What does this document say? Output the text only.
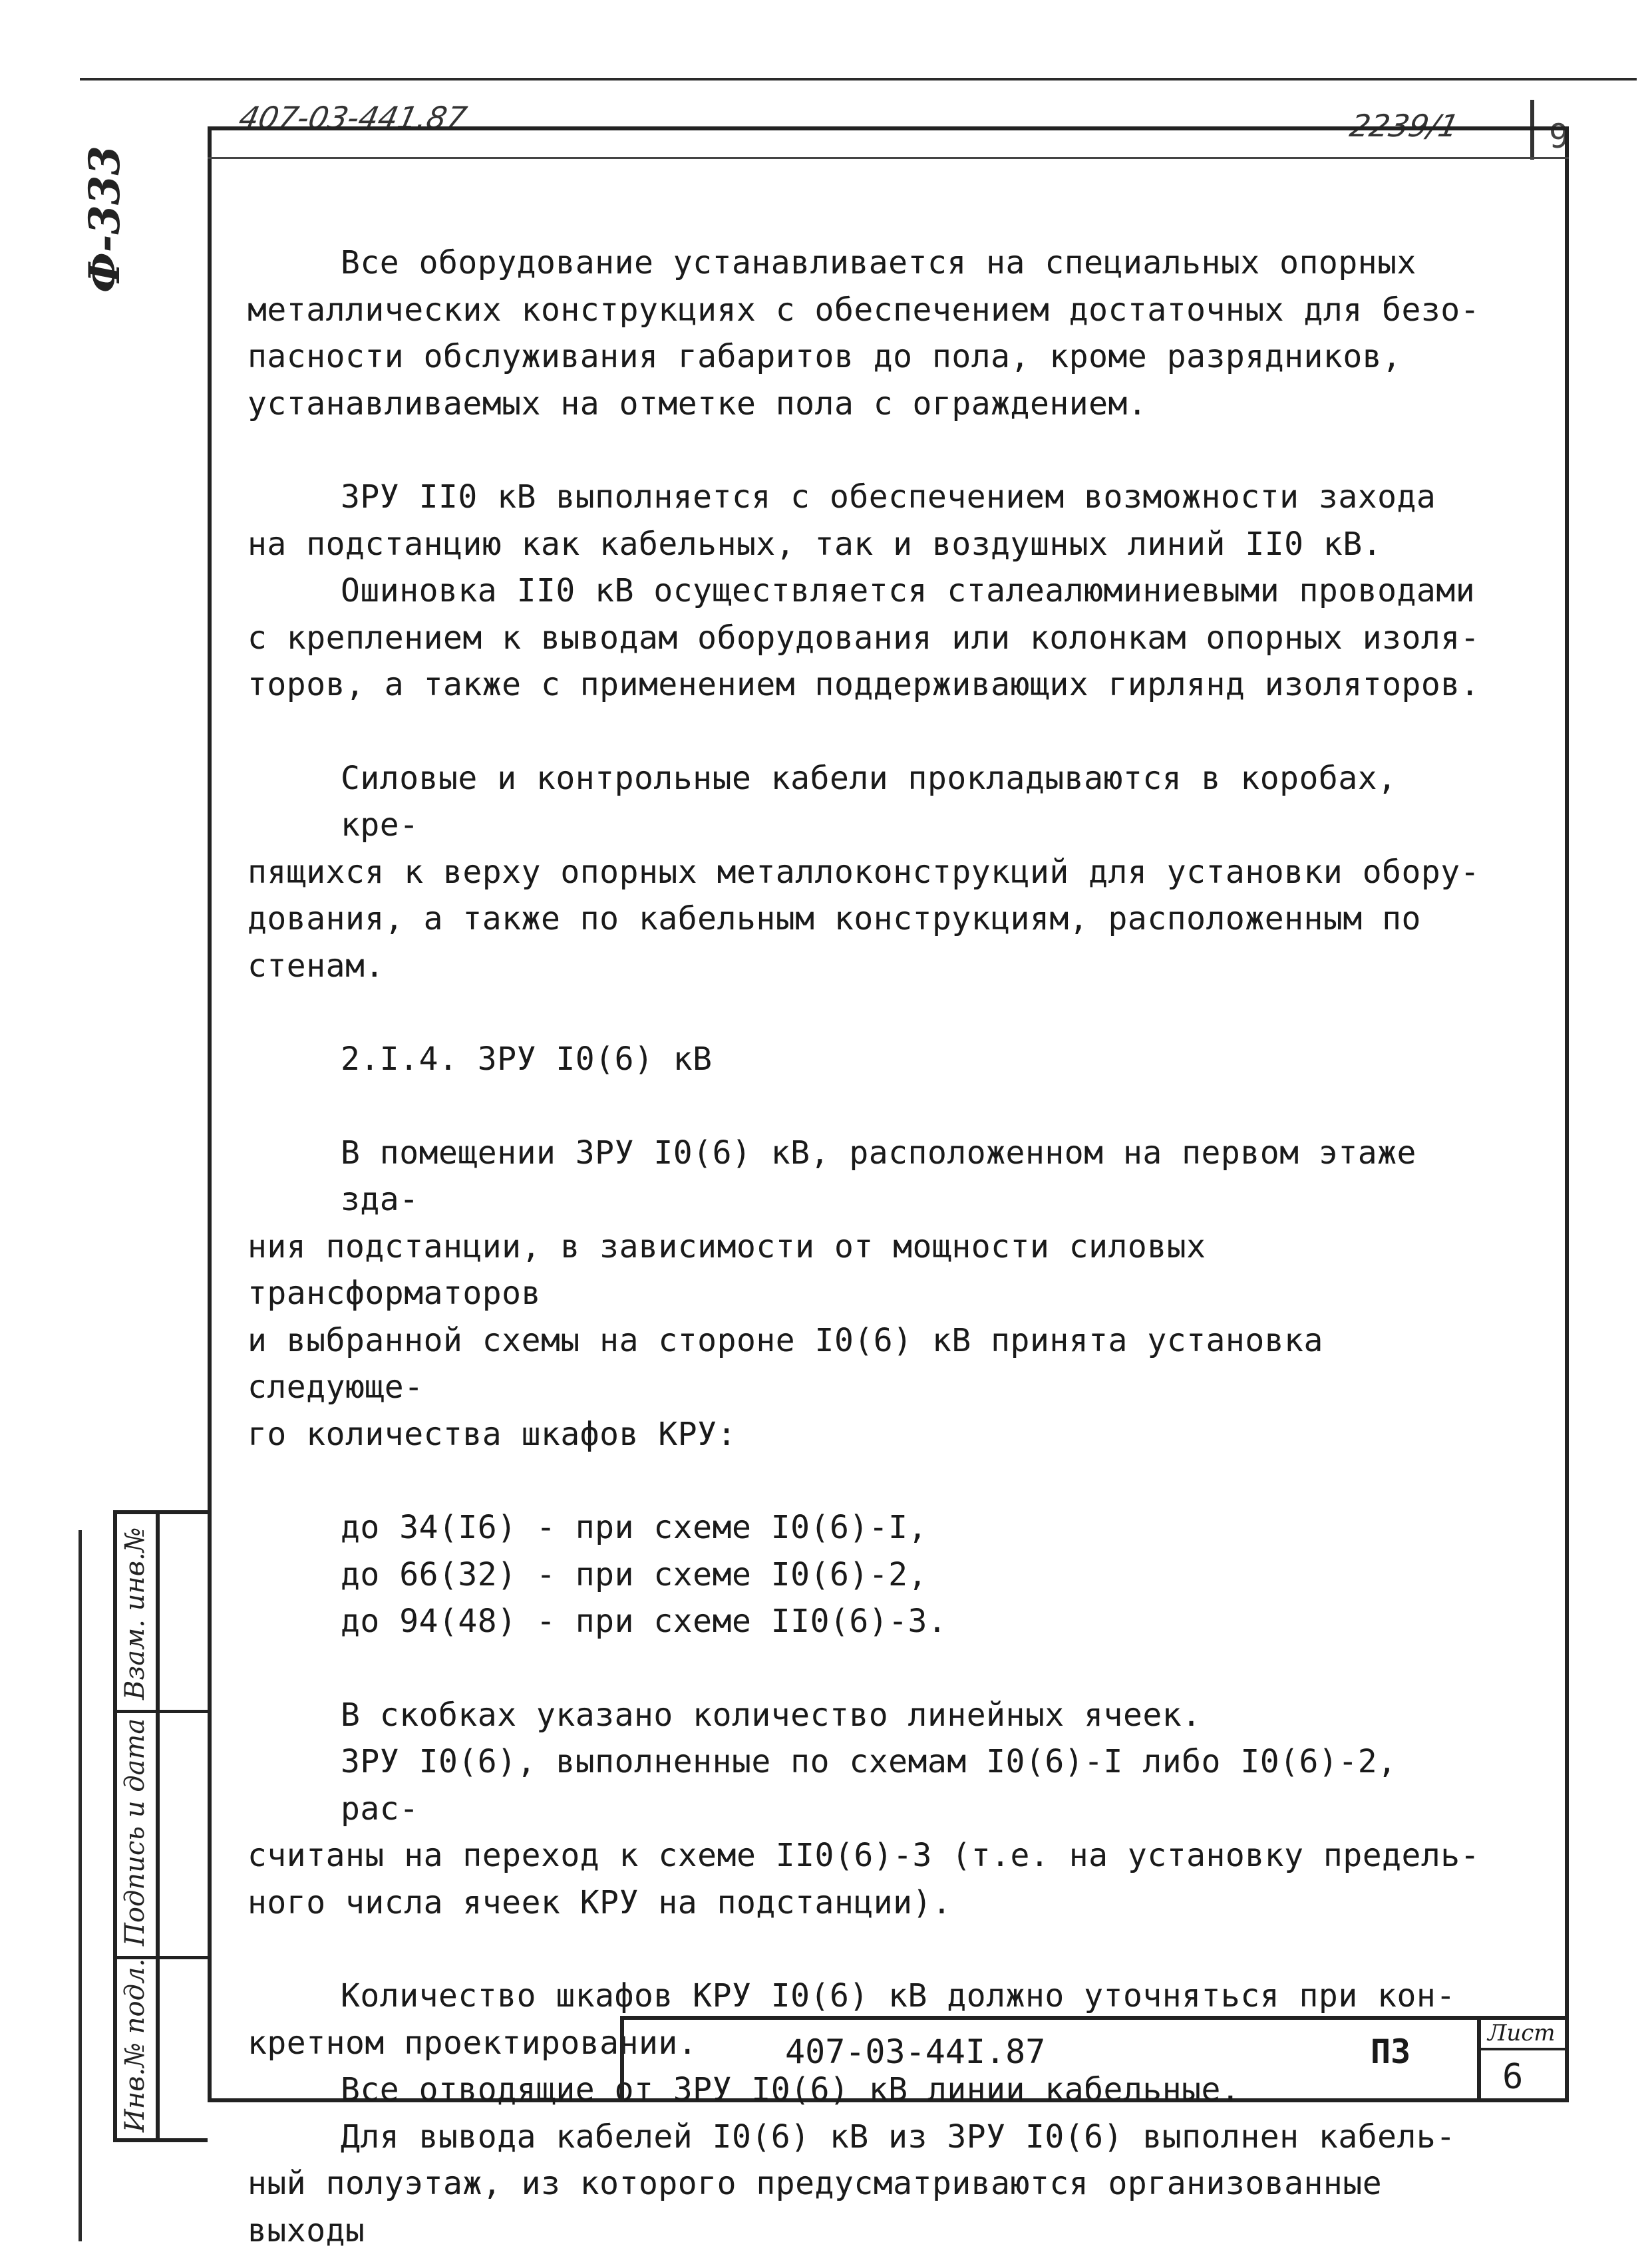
407-03-441.87	2239/1	9
Ф-333	Все оборудование устанавливается на специальных опорных

металлических конструкциях с обеспечением достаточных для безо-

пасности обслуживания габаритов до пола, кроме разрядников,

устанавливаемых на отметке пола с ограждением.

ЗРУ II0 кВ выполняется с обеспечением возможности захода

на подстанцию как кабельных, так и воздушных линий II0 кВ.

Ошиновка II0 кВ осуществляется сталеалюминиевыми проводами

с креплением к выводам оборудования или колонкам опорных изоля-

торов, а также с применением поддерживающих гирлянд изоляторов.

Силовые и контрольные кабели прокладываются в коробах, кре-

пящихся к верху опорных металлоконструкций для установки обору-

дования, а также по кабельным конструкциям, расположенным по

стенам.

2.I.4. ЗРУ I0(6) кВ

В помещении ЗРУ I0(6) кВ, расположенном на первом этаже зда-

ния подстанции, в зависимости от мощности силовых трансформаторов

и выбранной схемы на стороне I0(6) кВ принята установка следующе-

го количества шкафов КРУ:

до 34(I6) - при схеме I0(6)-I,

до 66(32) - при схеме I0(6)-2,

до 94(48) - при схеме II0(6)-3.

В скобках указано количество линейных ячеек.

ЗРУ I0(6), выполненные по схемам I0(6)-I либо I0(6)-2, рас-

считаны на переход к схеме II0(6)-3 (т.е. на установку предель-

ного числа ячеек КРУ на подстанции).

Количество шкафов КРУ I0(6) кВ должно уточняться при кон-

кретном проектировании.

Все отводящие от ЗРУ I0(6) кВ линии кабельные.

Для вывода кабелей I0(6) кВ из ЗРУ I0(6) выполнен кабель-

ный полуэтаж, из которого предусматриваются организованные выходы

Взам. инв.№
Подпись и дата
Инв.№ подл.	407-03-44I.87	ПЗ	Лист
6
